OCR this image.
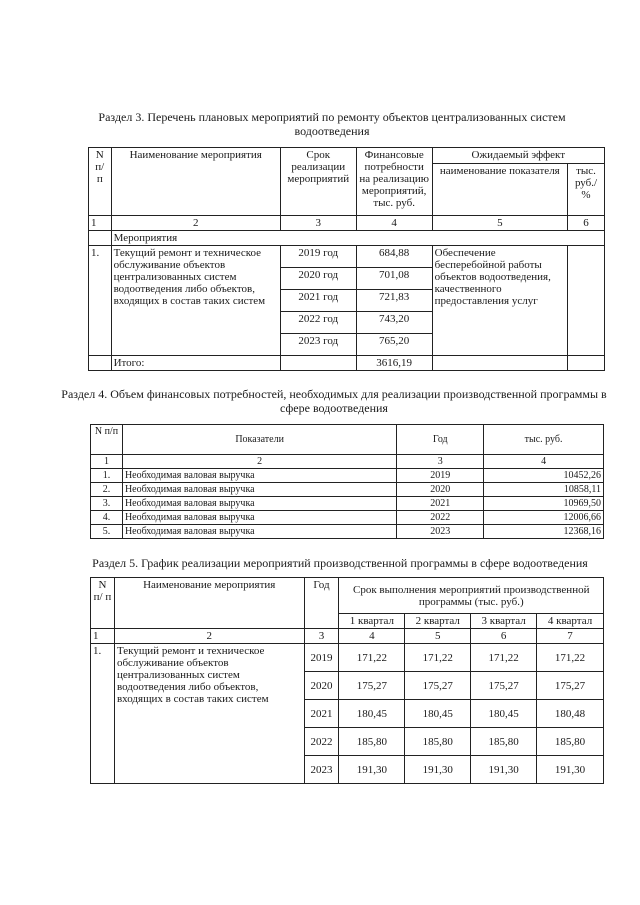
Раздел 3. Перечень плановых мероприятий по ремонту объектов централизованных систем водоотведения
N п/ п	Наименование мероприятия	Срок реализации мероприятий	Финансовые потребности на реализацию мероприятий, тыс. руб.	Ожидаемый эффект	
				наименование показателя	тыс. руб./ %
1	2	3	4	5	6
	Мероприятия				
1.	Текущий ремонт и техническое обслуживание объектов централизованных систем водоотведения либо объектов, входящих в состав таких систем	2019 год	684,88	Обеспечение бесперебойной работы объектов водоотведения, качественного предоставления услуг	
		2020 год	701,08		
		2021 год	721,83		
		2022 год	743,20		
		2023 год	765,20		
	Итого:		3616,19		
Раздел 4. Объем финансовых потребностей, необходимых для реализации производственной программы в сфере водоотведения
N п/п	Показатели	Год	тыс. руб.
1	2	3	4
1.	Необходимая валовая выручка	2019	10452,26
2.	Необходимая валовая выручка	2020	10858,11
3.	Необходимая валовая выручка	2021	10969,50
4.	Необходимая валовая выручка	2022	12006,66
5.	Необходимая валовая выручка	2023	12368,16
Раздел 5. График реализации мероприятий производственной программы в сфере водоотведения
N п/ п	Наименование мероприятия	Год	Срок выполнения мероприятий производственной программы (тыс. руб.)			
			1 квартал	2 квартал	3 квартал	4 квартал
1	2	3	4	5	6	7
1.	Текущий ремонт и техническое обслуживание объектов централизованных систем водоотведения либо объектов, входящих в состав таких систем	2019	171,22	171,22	171,22	171,22
		2020	175,27	175,27	175,27	175,27
		2021	180,45	180,45	180,45	180,48
		2022	185,80	185,80	185,80	185,80
		2023	191,30	191,30	191,30	191,30
